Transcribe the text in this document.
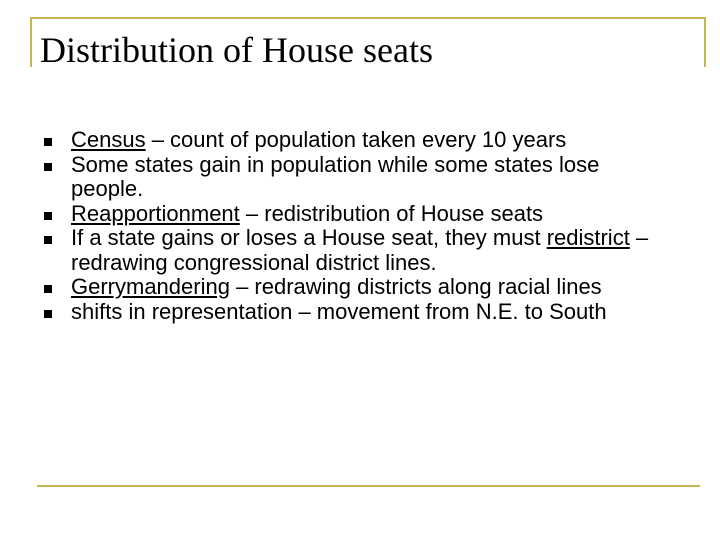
Distribution of House seats
Census – count of population taken every 10 years
Some states gain in population while some states lose people.
Reapportionment – redistribution of House seats
If a state gains or loses a House seat, they must redistrict – redrawing congressional district lines.
Gerrymandering – redrawing districts along racial lines
shifts in representation – movement from N.E. to South
